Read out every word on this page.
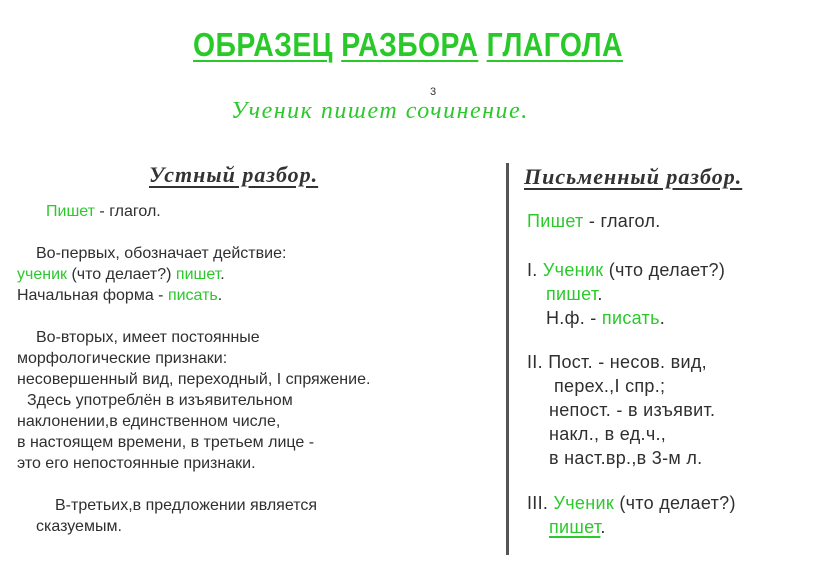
ОБРАЗЕЦ РАЗБОРА ГЛАГОЛА
Ученик пишет сочинение.
3
Устный разбор.	Письменный разбор.
Пишет - глагол.
Во-первых, обозначает действие:
ученик (что делает?) пишет.
Начальная форма - писать.
Во-вторых, имеет постоянные
морфологические признаки:
несовершенный вид, переходный, I спряжение.
Здесь употреблён в изъявительном
наклонении,в единственном числе,
в настоящем времени, в третьем лице -
это его непостоянные признаки.
В-третьих,в предложении является
сказуемым.
Пишет - глагол.
I. Ученик (что делает?)
пишет.
Н.ф. - писать.
II. Пост. - несов. вид,
перех.,I спр.;
непост. - в изъявит.
накл., в ед.ч.,
в наст.вр.,в 3-м л.
III. Ученик (что делает?)
пишет.
